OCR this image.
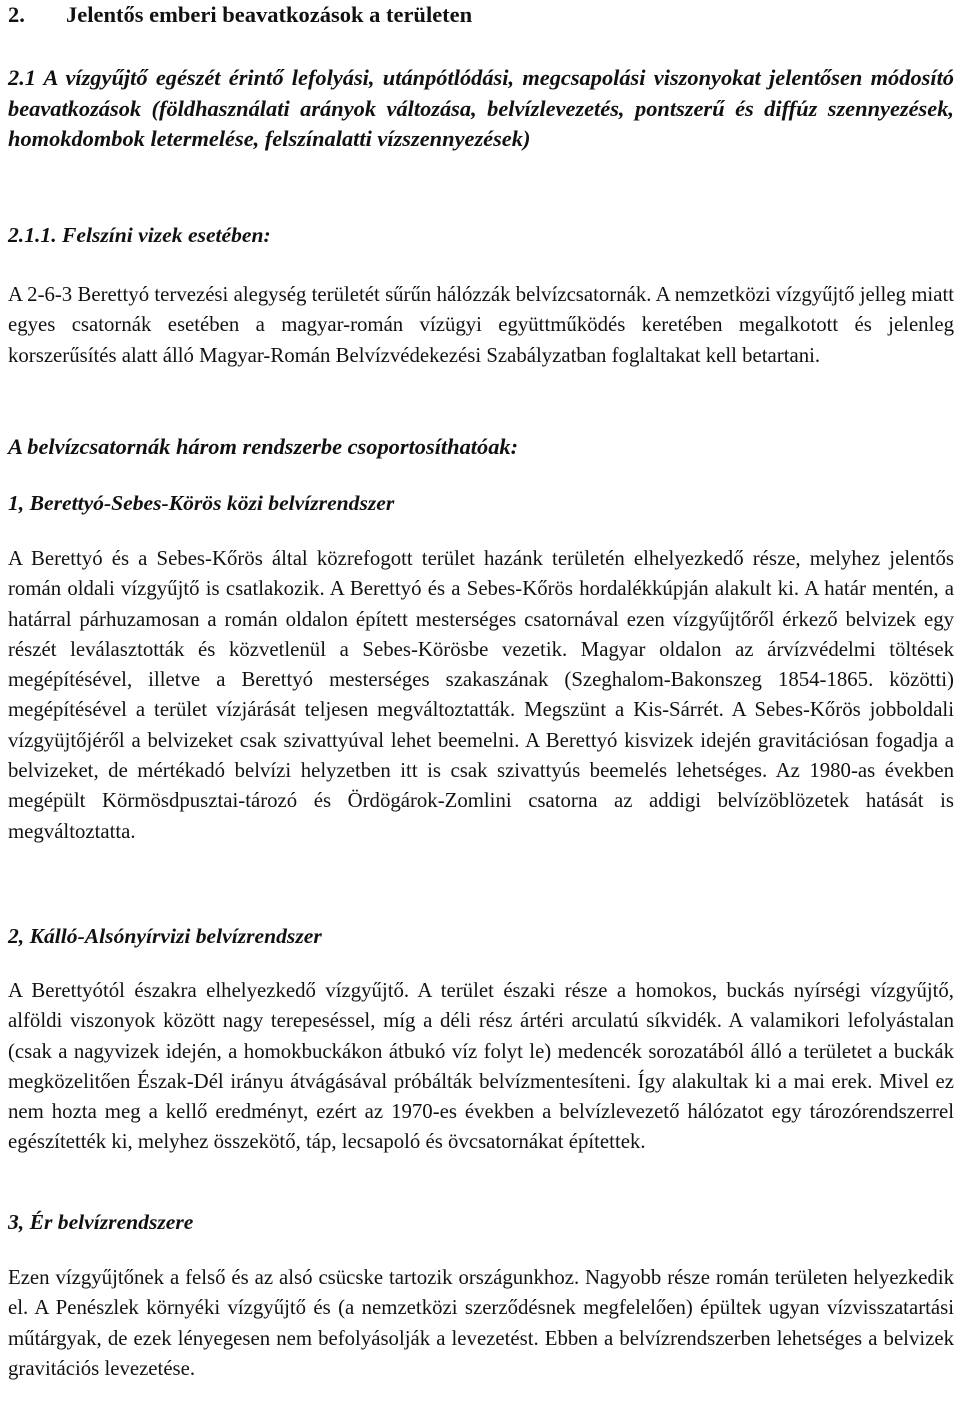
2. Jelentős emberi beavatkozások a területen
2.1 A vízgyűjtő egészét érintő lefolyási, utánpótlódási, megcsapolási viszonyokat jelentősen módosító beavatkozások (földhasználati arányok változása, belvízlevezetés, pontszerű és diffúz szennyezések, homokdombok letermelése, felszínalatti vízszennyezések)
2.1.1. Felszíni vizek esetében:
A 2-6-3 Berettyó tervezési alegység területét sűrűn hálózzák belvízcsatornák. A nemzetközi vízgyűjtő jelleg miatt egyes csatornák esetében a magyar-román vízügyi együttműködés keretében megalkotott és jelenleg korszerűsítés alatt álló Magyar-Román Belvízvédekezési Szabályzatban foglaltakat kell betartani.
A belvízcsatornák három rendszerbe csoportosíthatóak:
1, Berettyó-Sebes-Körös közi belvízrendszer
A Berettyó és a Sebes-Kőrös által közrefogott terület hazánk területén elhelyezkedő része, melyhez jelentős román oldali vízgyűjtő is csatlakozik. A Berettyó és a Sebes-Kőrös hordalékkúpján alakult ki. A határ mentén, a határral párhuzamosan a román oldalon épített mesterséges csatornával ezen vízgyűjtőről érkező belvizek egy részét leválasztották és közvetlenül a Sebes-Körösbe vezetik. Magyar oldalon az árvízvédelmi töltések megépítésével, illetve a Berettyó mesterséges szakaszának (Szeghalom-Bakonszeg 1854-1865. közötti) megépítésével a terület vízjárását teljesen megváltoztatták. Megszünt a Kis-Sárrét. A Sebes-Kőrös jobboldali vízgyüjtőjéről a belvizeket csak szivattyúval lehet beemelni. A Berettyó kisvizek idején gravitációsan fogadja a belvizeket, de mértékadó belvízi helyzetben itt is csak szivattyús beemelés lehetséges. Az 1980-as években megépült Körmösdpusztai-tározó és Ördögárok-Zomlini csatorna az addigi belvízöblözetek hatását is megváltoztatta.
2, Kálló-Alsónyírvizi belvízrendszer
A Berettyótól északra elhelyezkedő vízgyűjtő. A terület északi része a homokos, buckás nyírségi vízgyűjtő, alföldi viszonyok között nagy terepeséssel, míg a déli rész ártéri arculatú síkvidék. A valamikori lefolyástalan (csak a nagyvizek idején, a homokbuckákon átbukó víz folyt le) medencék sorozatából álló a területet a buckák megközelitően Észak-Dél irányu átvágásával próbálták belvízmentesíteni. Így alakultak ki a mai erek. Mivel ez nem hozta meg a kellő eredményt, ezért az 1970-es években a belvízlevezető hálózatot egy tározórendszerrel egészítették ki, melyhez összekötő, táp, lecsapoló és övcsatornákat építettek.
3, Ér belvízrendszere
Ezen vízgyűjtőnek a felső és az alsó csücske tartozik országunkhoz. Nagyobb része román területen helyezkedik el. A Penészlek környéki vízgyűjtő és (a nemzetközi szerződésnek megfelelően) épültek ugyan vízvisszatartási műtárgyak, de ezek lényegesen nem befolyásolják a levezetést. Ebben a belvízrendszerben lehetséges a belvizek gravitációs levezetése.
